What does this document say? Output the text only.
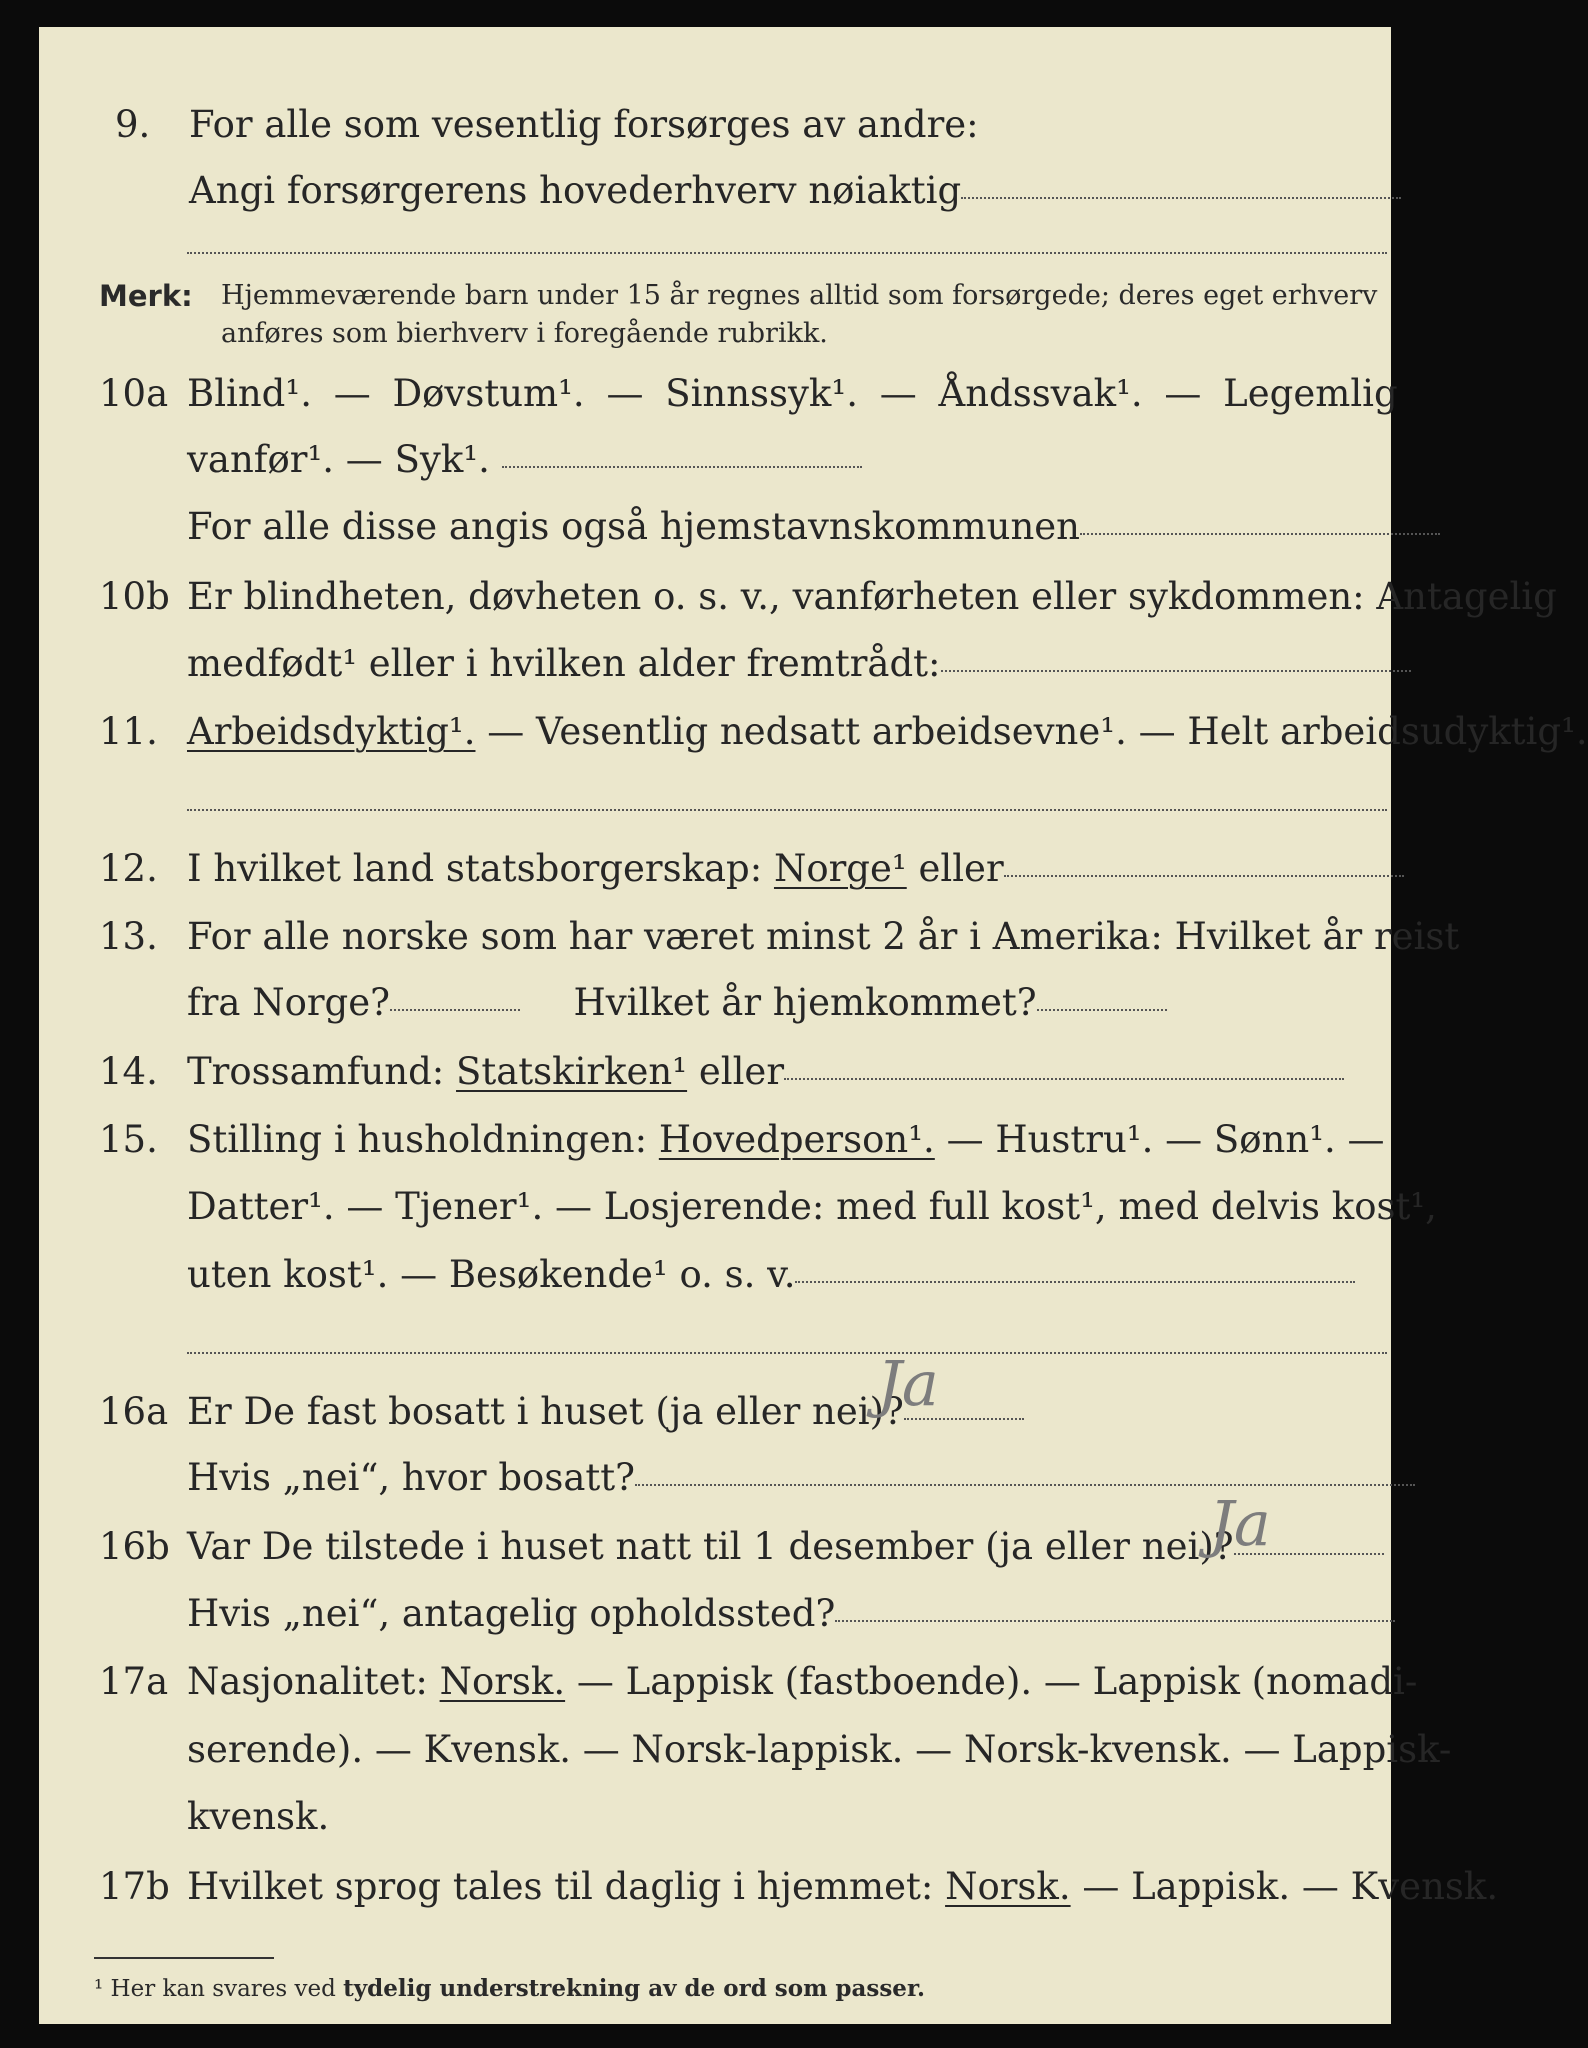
9.	For alle som vesentlig forsørges av andre:
Angi forsørgerens hovederhverv nøiaktig
Merk: Hjemmeværende barn under 15 år regnes alltid som forsørgede; deres eget erhverv anføres som bierhverv i foregående rubrikk.
10a Blind¹. — Døvstum¹. — Sinnssyk¹. — Åndssvak¹. — Legemlig
vanfør¹. — Syk¹.
For alle disse angis også hjemstavnskommunen
10b Er blindheten, døvheten o. s. v., vanførheten eller sykdommen: Antagelig
medfødt¹ eller i hvilken alder fremtrådt:
11. Arbeidsdyktig¹. — Vesentlig nedsatt arbeidsevne¹. — Helt arbeidsudyktig¹.
12. I hvilket land statsborgerskap: Norge¹ eller
13. For alle norske som har været minst 2 år i Amerika: Hvilket år reist
fra Norge?	Hvilket år hjemkommet?
14. Trossamfund: Statskirken¹ eller
15. Stilling i husholdningen: Hovedperson¹. — Hustru¹. — Sønn¹. —
Datter¹. — Tjener¹. — Losjerende: med full kost¹, med delvis kost¹,
uten kost¹. — Besøkende¹ o. s. v.
16a Er De fast bosatt i huset (ja eller nei)?
Ja
Hvis „nei“, hvor bosatt?
16b Var De tilstede i huset natt til 1 desember (ja eller nei)?
Ja
Hvis „nei“, antagelig opholdssted?
17a Nasjonalitet: Norsk. — Lappisk (fastboende). — Lappisk (nomadi-
serende). — Kvensk. — Norsk-lappisk. — Norsk-kvensk. — Lappisk-
kvensk.
17b Hvilket sprog tales til daglig i hjemmet: Norsk. — Lappisk. — Kvensk.
¹ Her kan svares ved tydelig understrekning av de ord som passer.
